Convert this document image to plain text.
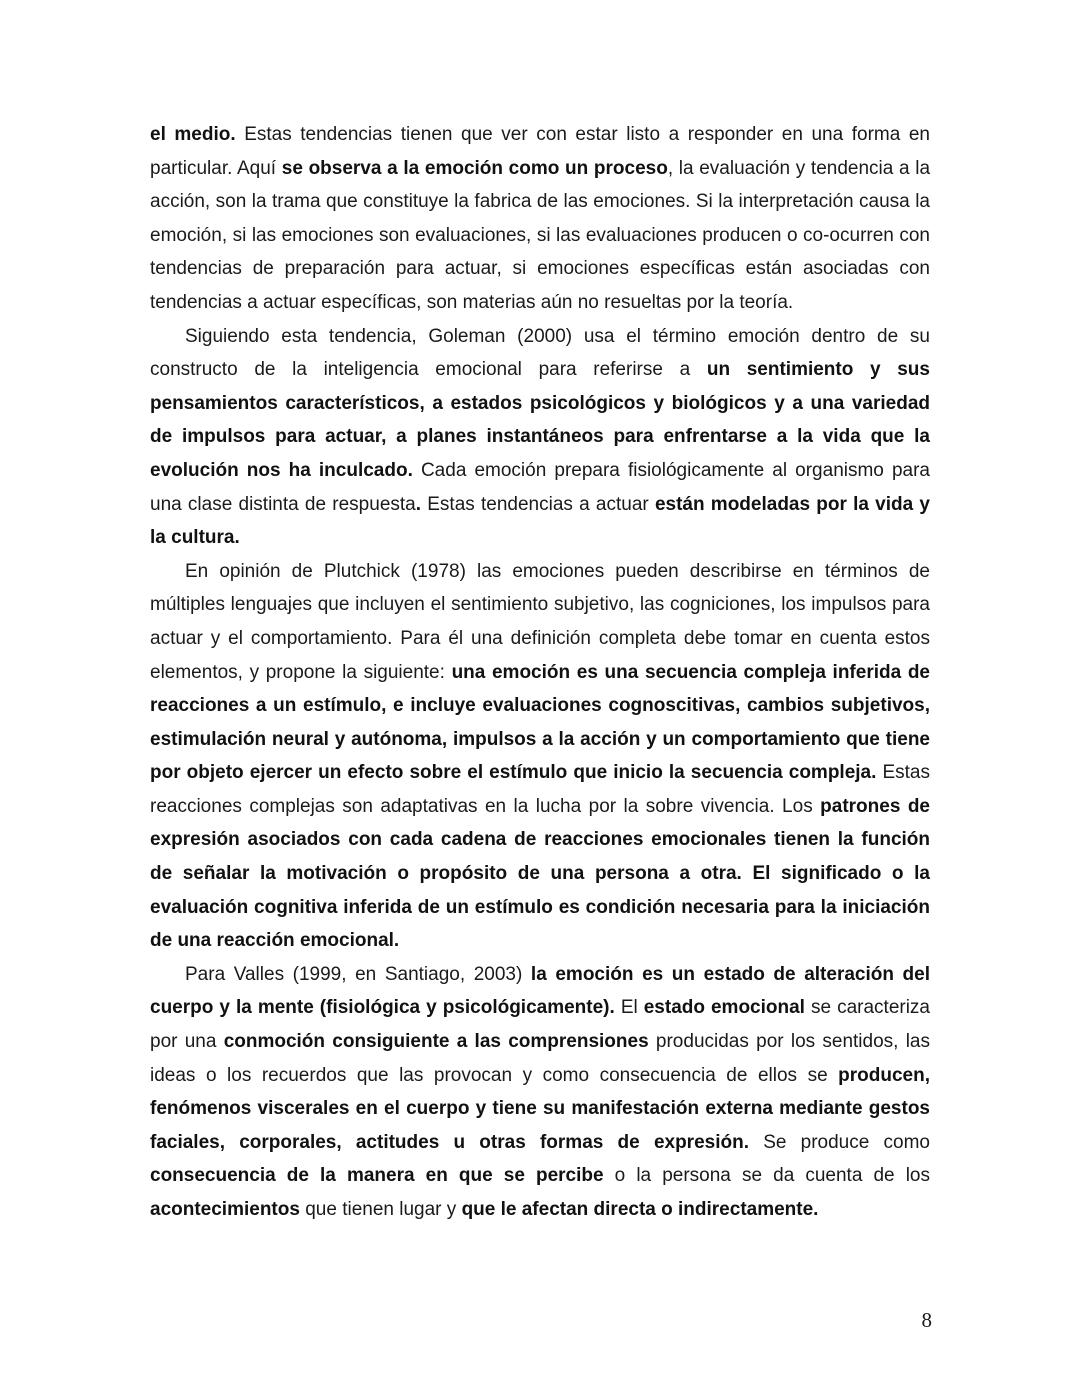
el medio. Estas tendencias tienen que ver con estar listo a responder en una forma en particular. Aquí se observa a la emoción como un proceso, la evaluación y tendencia a la acción, son la trama que constituye la fabrica de las emociones. Si la interpretación causa la emoción, si las emociones son evaluaciones, si las evaluaciones producen o co-ocurren con tendencias de preparación para actuar, si emociones específicas están asociadas con tendencias a actuar específicas, son materias aún no resueltas por la teoría.

Siguiendo esta tendencia, Goleman (2000) usa el término emoción dentro de su constructo de la inteligencia emocional para referirse a un sentimiento y sus pensamientos característicos, a estados psicológicos y biológicos y a una variedad de impulsos para actuar, a planes instantáneos para enfrentarse a la vida que la evolución nos ha inculcado. Cada emoción prepara fisiológicamente al organismo para una clase distinta de respuesta. Estas tendencias a actuar están modeladas por la vida y la cultura.

En opinión de Plutchick (1978) las emociones pueden describirse en términos de múltiples lenguajes que incluyen el sentimiento subjetivo, las cogniciones, los impulsos para actuar y el comportamiento. Para él una definición completa debe tomar en cuenta estos elementos, y propone la siguiente: una emoción es una secuencia compleja inferida de reacciones a un estímulo, e incluye evaluaciones cognoscitivas, cambios subjetivos, estimulación neural y autónoma, impulsos a la acción y un comportamiento que tiene por objeto ejercer un efecto sobre el estímulo que inicio la secuencia compleja. Estas reacciones complejas son adaptativas en la lucha por la sobre vivencia. Los patrones de expresión asociados con cada cadena de reacciones emocionales tienen la función de señalar la motivación o propósito de una persona a otra. El significado o la evaluación cognitiva inferida de un estímulo es condición necesaria para la iniciación de una reacción emocional.

Para Valles (1999, en Santiago, 2003) la emoción es un estado de alteración del cuerpo y la mente (fisiológica y psicológicamente). El estado emocional se caracteriza por una conmoción consiguiente a las comprensiones producidas por los sentidos, las ideas o los recuerdos que las provocan y como consecuencia de ellos se producen, fenómenos viscerales en el cuerpo y tiene su manifestación externa mediante gestos faciales, corporales, actitudes u otras formas de expresión. Se produce como consecuencia de la manera en que se percibe o la persona se da cuenta de los acontecimientos que tienen lugar y que le afectan directa o indirectamente.

8
